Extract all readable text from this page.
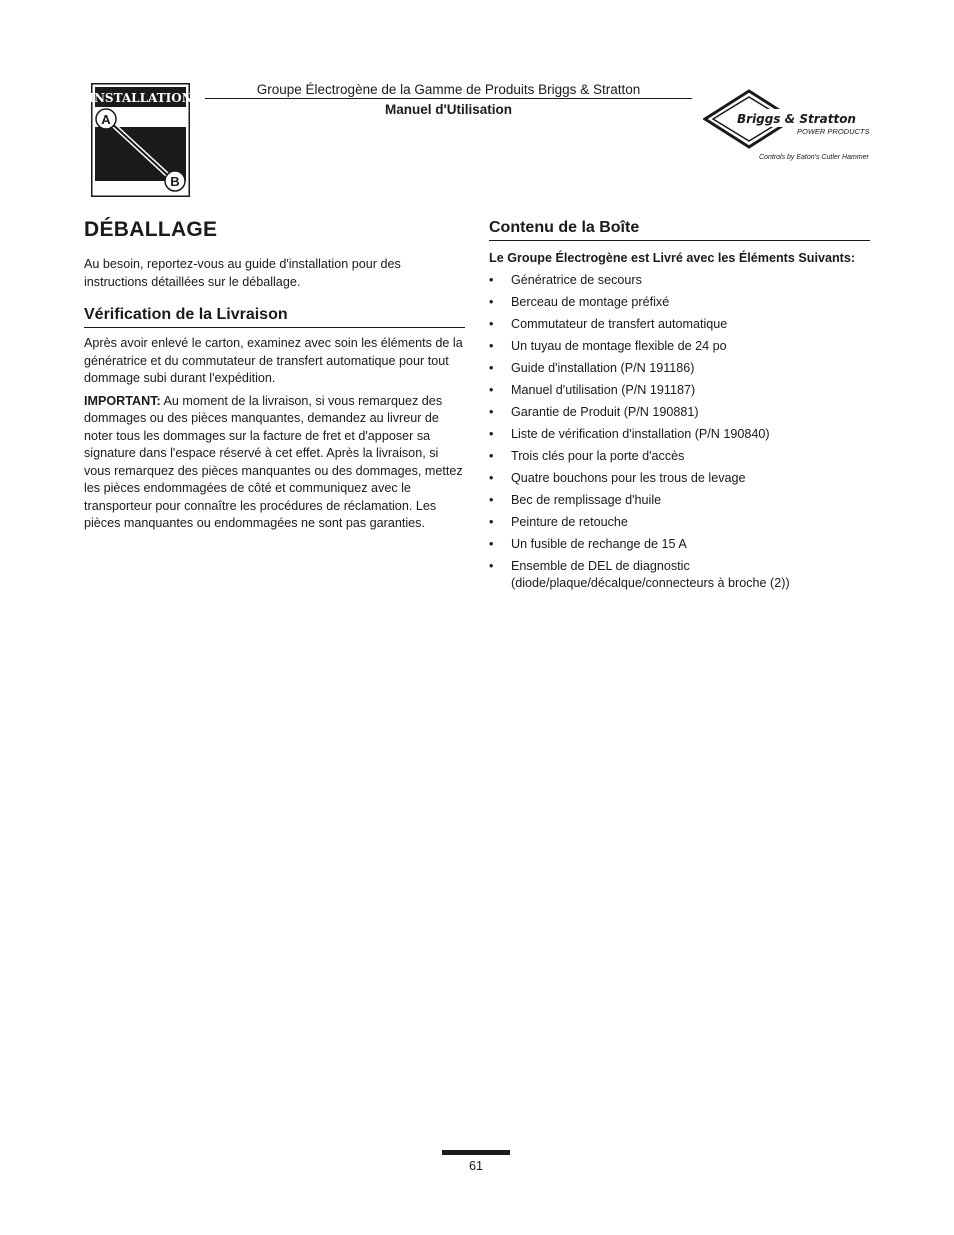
INSTALLATION
A
B
Groupe Électrogène de la Gamme de Produits Briggs & Stratton
Manuel d'Utilisation
Briggs & Stratton
POWER PRODUCTS
Controls by Eaton's Cutler Hammer
DÉBALLAGE

Au besoin, reportez-vous au guide d'installation pour des instructions détaillées sur le déballage.

Vérification de la Livraison

Après avoir enlevé le carton, examinez avec soin les éléments de la génératrice et du commutateur de transfert automatique pour tout dommage subi durant l'expédition.

IMPORTANT: Au moment de la livraison, si vous remarquez des dommages ou des pièces manquantes, demandez au livreur de noter tous les dommages sur la facture de fret et d'apposer sa signature dans l'espace réservé à cet effet. Après la livraison, si vous remarquez des pièces manquantes ou des dommages, mettez les pièces endommagées de côté et communiquez avec le transporteur pour connaître les procédures de réclamation. Les pièces manquantes ou endommagées ne sont pas garanties.

Contenu de la Boîte
Le Groupe Électrogène est Livré avec les Éléments Suivants:
• Génératrice de secours
• Berceau de montage préfixé
• Commutateur de transfert automatique
• Un tuyau de montage flexible de 24 po
• Guide d'installation (P/N 191186)
• Manuel d'utilisation (P/N 191187)
• Garantie de Produit (P/N 190881)
• Liste de vérification d'installation (P/N 190840)
• Trois clés pour la porte d'accès
• Quatre bouchons pour les trous de levage
• Bec de remplissage d'huile
• Peinture de retouche
• Un fusible de rechange de 15 A
• Ensemble de DEL de diagnostic (diode/plaque/décalque/connecteurs à broche (2))
61
